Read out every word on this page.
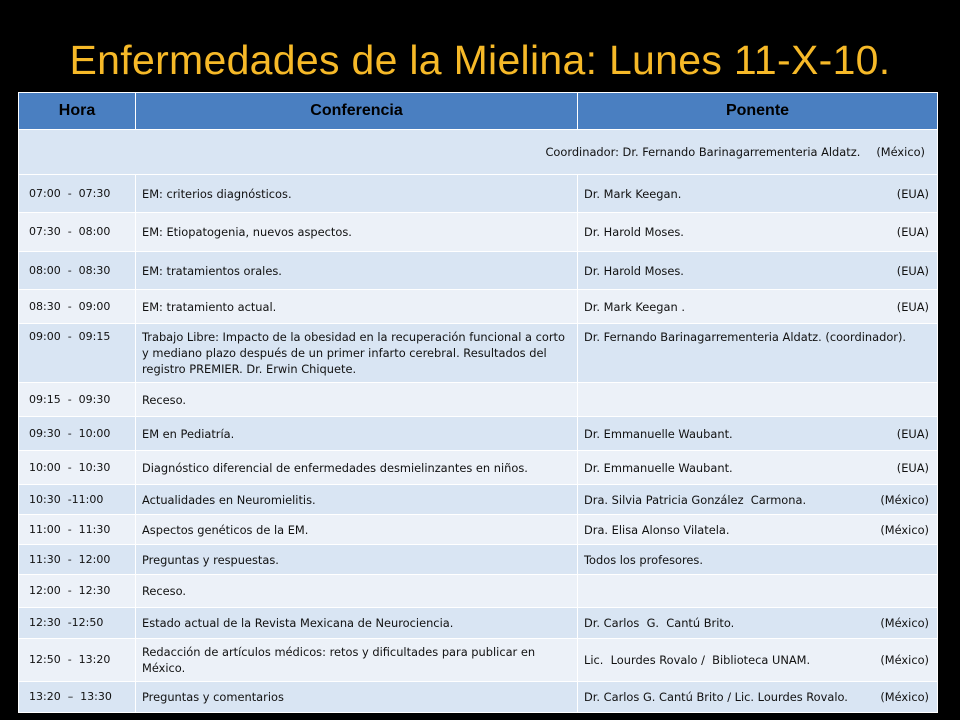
Enfermedades de la Mielina: Lunes 11-X-10.
Hora	Conferencia	Ponente
Coordinador: Dr. Fernando Barinagarrementeria Aldatz. (México)		
07:00  -  07:30	EM: criterios diagnósticos.	Dr. Mark Keegan. (EUA)

07:30  -  08:00	EM: Etiopatogenia, nuevos aspectos.	Dr. Harold Moses. (EUA)

08:00  -  08:30	EM: tratamientos orales.	Dr. Harold Moses. (EUA)

08:30  -  09:00	EM: tratamiento actual.	Dr. Mark Keegan . (EUA)

09:00  -  09:15	Trabajo Libre: Impacto de la obesidad en la recuperación funcional a corto y mediano plazo después de un primer infarto cerebral. Resultados del registro PREMIER. Dr. Erwin Chiquete.	Dr. Fernando Barinagarrementeria Aldatz. (coordinador).

09:15  -  09:30	Receso.	

09:30  -  10:00	EM en Pediatría.	Dr. Emmanuelle Waubant. (EUA)

10:00  -  10:30	Diagnóstico diferencial de enfermedades desmielinzantes en niños.	Dr. Emmanuelle Waubant. (EUA)

10:30  -11:00	Actualidades en Neuromielitis.	Dra. Silvia Patricia González  Carmona. (México)

11:00  -  11:30	Aspectos genéticos de la EM.	Dra. Elisa Alonso Vilatela. (México)

11:30  -  12:00	Preguntas y respuestas.	Todos los profesores.

12:00  -  12:30	Receso.	

12:30  -12:50	Estado actual de la Revista Mexicana de Neurociencia.	Dr. Carlos  G.  Cantú Brito. (México)

12:50  -  13:20	Redacción de artículos médicos: retos y dificultades para publicar en México.	Lic.  Lourdes Rovalo /  Biblioteca UNAM. (México)

13:20  –  13:30	Preguntas y comentarios	Dr. Carlos G. Cantú Brito / Lic. Lourdes Rovalo. (México)
